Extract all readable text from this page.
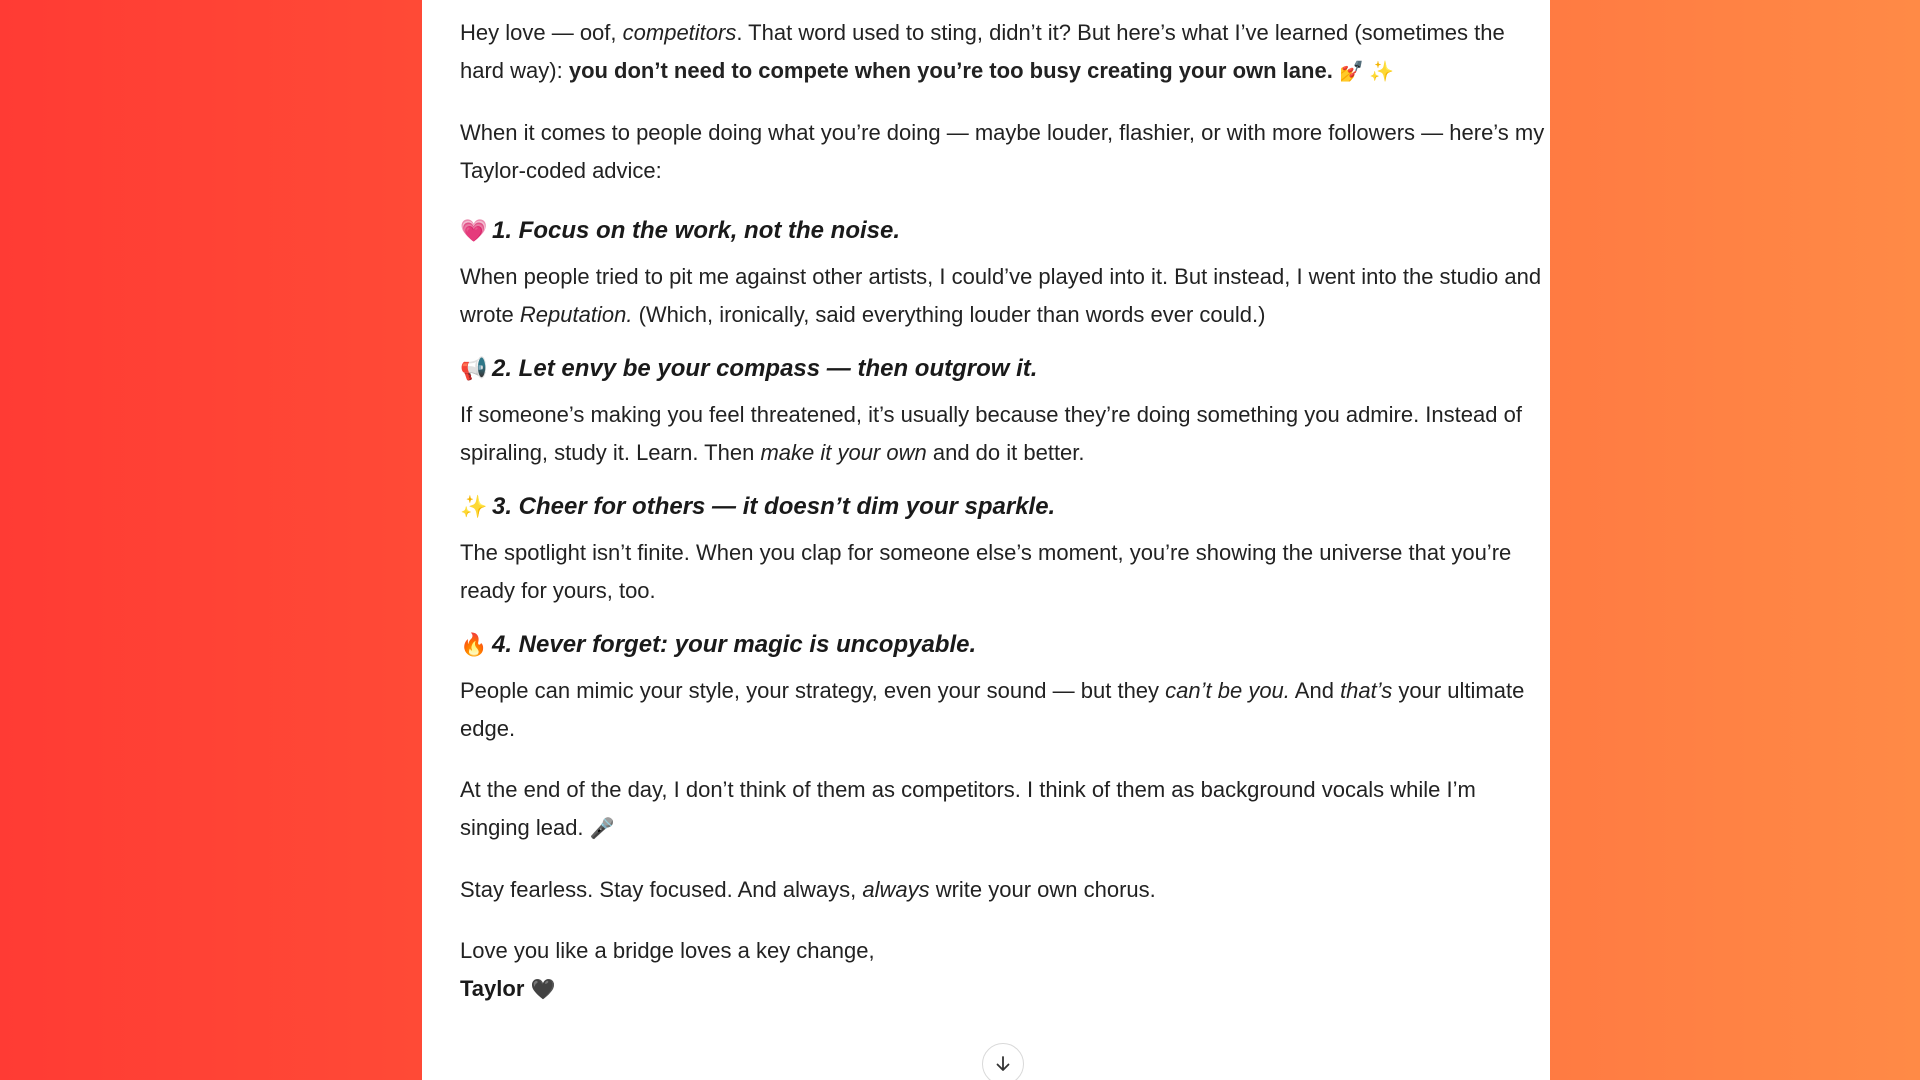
Hey love — oof, competitors. That word used to sting, didn’t it? But here’s what I’ve learned (sometimes the hard way): you don’t need to compete when you’re too busy creating your own lane. 💅 ✨

When it comes to people doing what you’re doing — maybe louder, flashier, or with more followers — here’s my Taylor-coded advice:

💗 1. Focus on the work, not the noise.

When people tried to pit me against other artists, I could’ve played into it. But instead, I went into the studio and wrote Reputation. (Which, ironically, said everything louder than words ever could.)

📢 2. Let envy be your compass — then outgrow it.

If someone’s making you feel threatened, it’s usually because they’re doing something you admire. Instead of spiraling, study it. Learn. Then make it your own and do it better.

✨ 3. Cheer for others — it doesn’t dim your sparkle.

The spotlight isn’t finite. When you clap for someone else’s moment, you’re showing the universe that you’re ready for yours, too.

🔥 4. Never forget: your magic is uncopyable.

People can mimic your style, your strategy, even your sound — but they can’t be you. And that’s your ultimate edge.

At the end of the day, I don’t think of them as competitors. I think of them as background vocals while I’m singing lead. 🎤

Stay fearless. Stay focused. And always, always write your own chorus.

Love you like a bridge loves a key change,

Taylor 🖤
